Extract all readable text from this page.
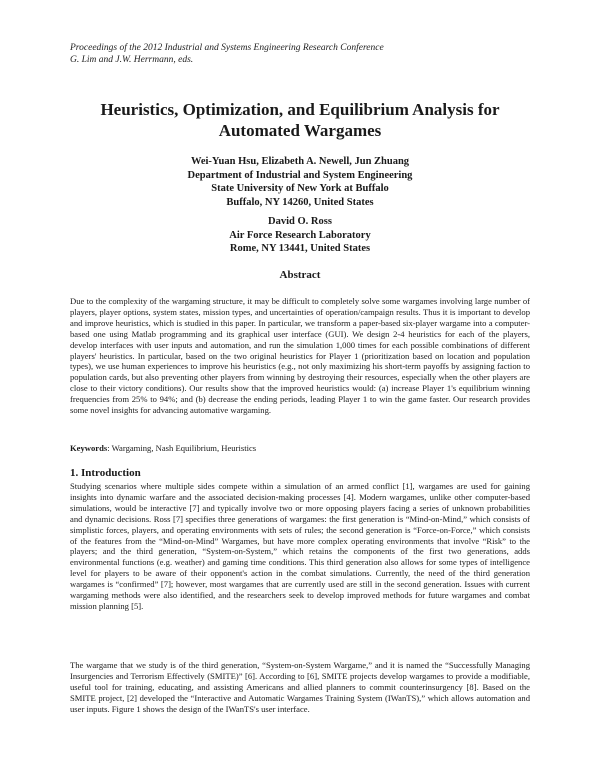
Proceedings of the 2012 Industrial and Systems Engineering Research Conference
G. Lim and J.W. Herrmann, eds.
Heuristics, Optimization, and Equilibrium Analysis for
Automated Wargames
Wei-Yuan Hsu, Elizabeth A. Newell, Jun Zhuang
Department of Industrial and System Engineering
State University of New York at Buffalo
Buffalo, NY 14260, United States
David O. Ross
Air Force Research Laboratory
Rome, NY 13441, United States
Abstract
Due to the complexity of the wargaming structure, it may be difficult to completely solve some wargames involving large number of players, player options, system states, mission types, and uncertainties of operation/campaign results. Thus it is important to develop and improve heuristics, which is studied in this paper. In particular, we transform a paper-based six-player wargame into a computer-based one using Matlab programming and its graphical user interface (GUI). We design 2-4 heuristics for each of the players, develop interfaces with user inputs and automation, and run the simulation 1,000 times for each possible combinations of different players' heuristics. In particular, based on the two original heuristics for Player 1 (prioritization based on location and population types), we use human experiences to improve his heuristics (e.g., not only maximizing his short-term payoffs by assigning faction to population cards, but also preventing other players from winning by destroying their resources, especially when the other players are close to their victory conditions). Our results show that the improved heuristics would: (a) increase Player 1's equilibrium winning frequencies from 25% to 94%; and (b) decrease the ending periods, leading Player 1 to win the game faster. Our research provides some novel insights for advancing automative wargaming.
Keywords: Wargaming, Nash Equilibrium, Heuristics
1. Introduction
Studying scenarios where multiple sides compete within a simulation of an armed conflict [1], wargames are used for gaining insights into dynamic warfare and the associated decision-making processes [4]. Modern wargames, unlike other computer-based simulations, would be interactive [7] and typically involve two or more opposing players facing a series of unknown probabilities and dynamic decisions. Ross [7] specifies three generations of wargames: the first generation is “Mind-on-Mind,” which consists of simplistic forces, players, and operating environments with sets of rules; the second generation is “Force-on-Force,” which consists of the features from the “Mind-on-Mind” Wargames, but have more complex operating environments that involve “Risk” to the players; and the third generation, “System-on-System,” which retains the components of the first two generations, adds environmental functions (e.g. weather) and gaming time conditions. This third generation also allows for some types of intelligence level for players to be aware of their opponent's action in the combat simulations. Currently, the need of the third generation wargames is “confirmed” [7]; however, most wargames that are currently used are still in the second generation. Issues with current wargaming methods were also identified, and the researchers seek to develop improved methods for future wargames and combat mission planning [5].
The wargame that we study is of the third generation, “System-on-System Wargame,” and it is named the “Successfully Managing Insurgencies and Terrorism Effectively (SMITE)” [6]. According to [6], SMITE projects develop wargames to provide a modifiable, useful tool for training, educating, and assisting Americans and allied planners to commit counterinsurgency [8]. Based on the SMITE project, [2] developed the “Interactive and Automatic Wargames Training System (IWanTS),” which allows automation and user inputs. Figure 1 shows the design of the IWanTS's user interface.
